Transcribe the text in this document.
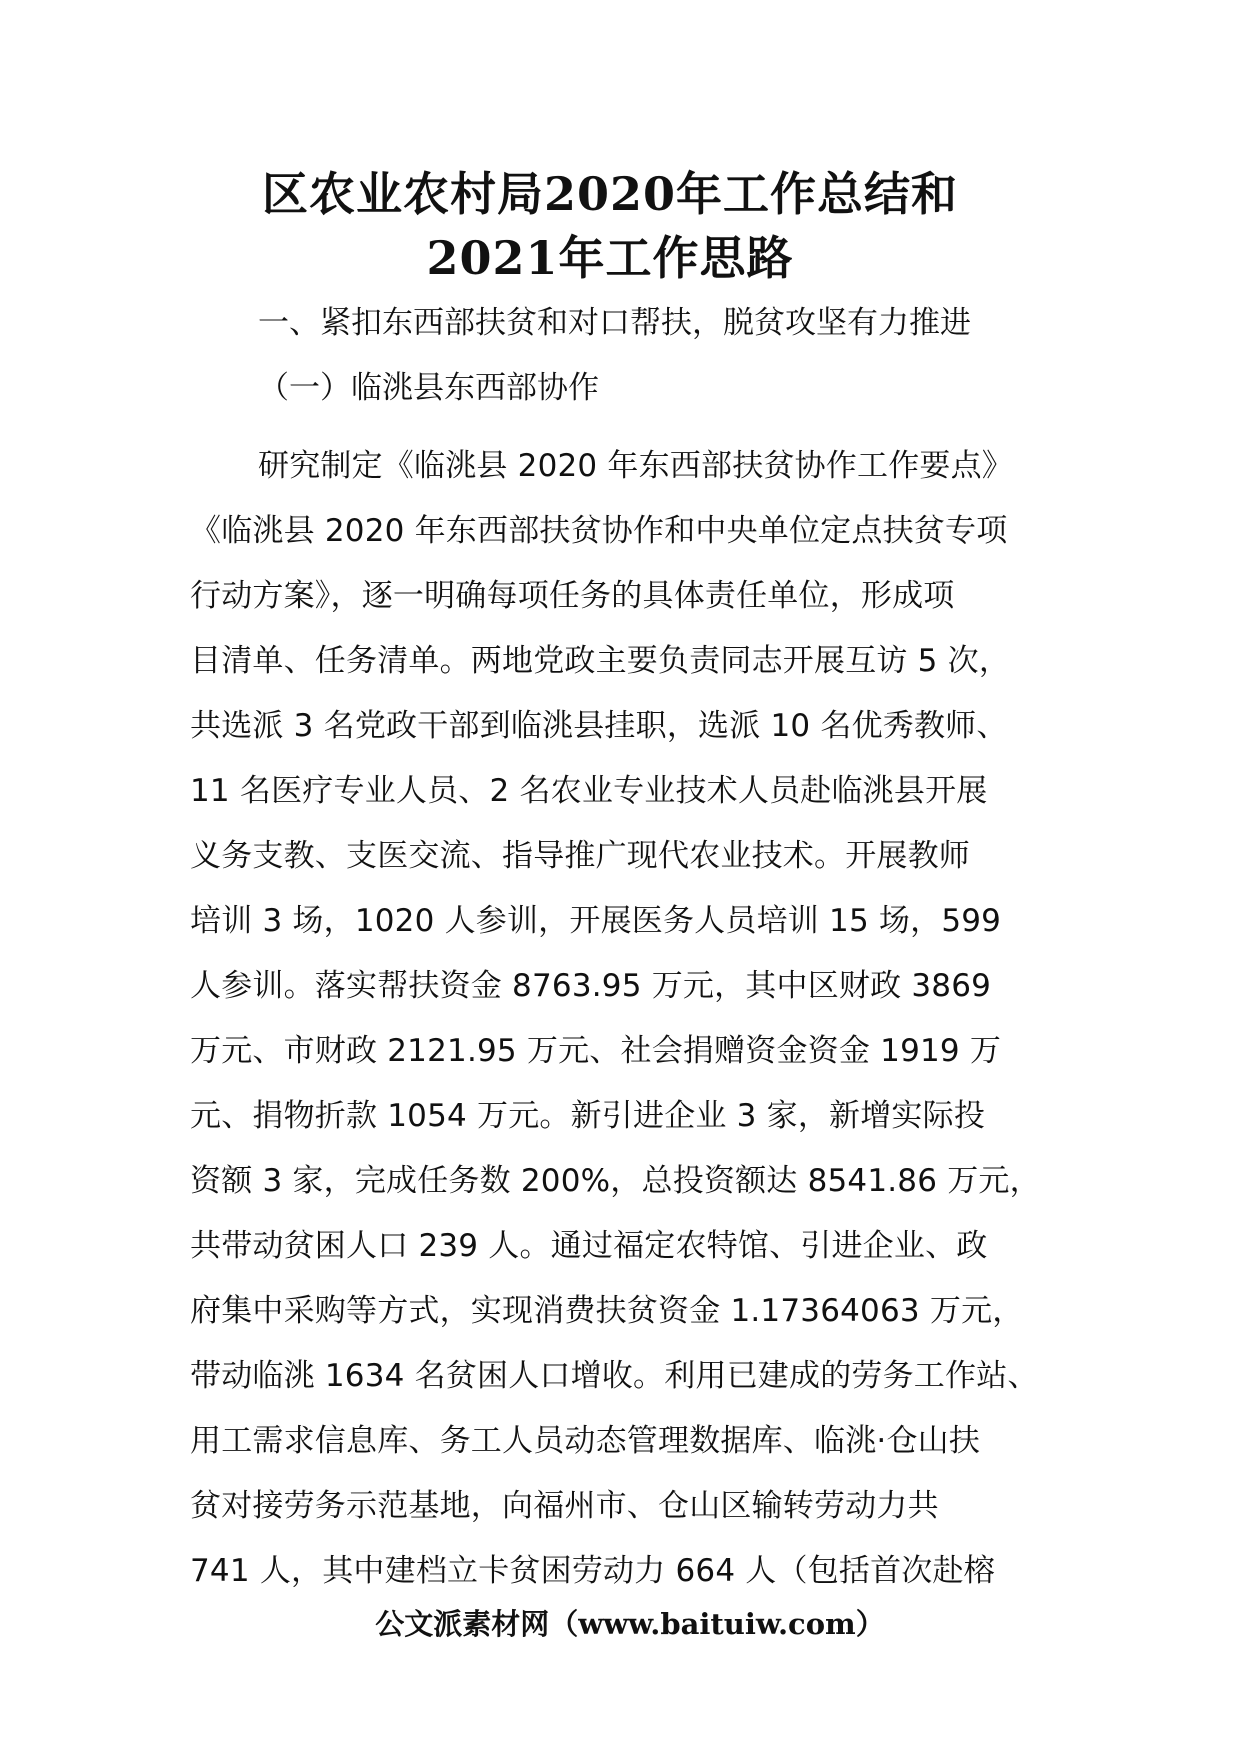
区农业农村局2020年工作总结和
2021年工作思路

一、紧扣东西部扶贫和对口帮扶，脱贫攻坚有力推进

（一）临洮县东西部协作

研究制定《临洮县 2020 年东西部扶贫协作工作要点》
《临洮县 2020 年东西部扶贫协作和中央单位定点扶贫专项
行动方案》，逐一明确每项任务的具体责任单位，形成项
目清单、任务清单。两地党政主要负责同志开展互访 5 次，
共选派 3 名党政干部到临洮县挂职，选派 10 名优秀教师、
11 名医疗专业人员、2 名农业专业技术人员赴临洮县开展
义务支教、支医交流、指导推广现代农业技术。开展教师
培训 3 场，1020 人参训，开展医务人员培训 15 场，599
人参训。落实帮扶资金 8763.95 万元，其中区财政 3869
万元、市财政 2121.95 万元、社会捐赠资金资金 1919 万
元、捐物折款 1054 万元。新引进企业 3 家，新增实际投
资额 3 家，完成任务数 200%，总投资额达 8541.86 万元，
共带动贫困人口 239 人。通过福定农特馆、引进企业、政
府集中采购等方式，实现消费扶贫资金 1.17364063 万元，
带动临洮 1634 名贫困人口增收。利用已建成的劳务工作站、
用工需求信息库、务工人员动态管理数据库、临洮·仓山扶
贫对接劳务示范基地，向福州市、仓山区输转劳动力共
741 人，其中建档立卡贫困劳动力 664 人（包括首次赴榕
公文派素材网（www.baituiw.com）
